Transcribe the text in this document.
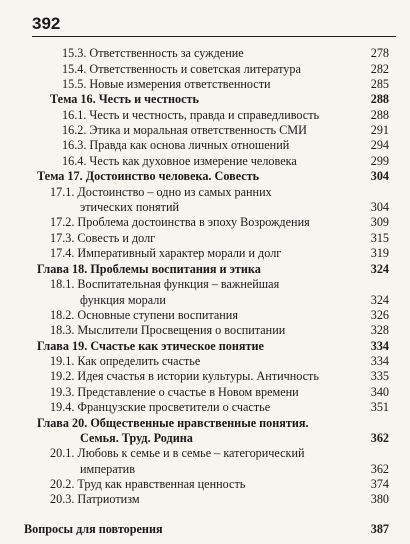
392
15.3. Ответственность за суждение	278
15.4. Ответственность и советская литература	282
15.5. Новые измерения ответственности	285
Тема 16. Честь и честность	288
16.1. Честь и честность, правда и справедливость	288
16.2. Этика и моральная ответственность СМИ	291
16.3. Правда как основа личных отношений	294
16.4. Честь как духовное измерение человека	299
Тема 17. Достоинство человека. Совесть	304
17.1. Достоинство – одно из самых ранних
этических понятий	304
17.2. Проблема достоинства в эпоху Возрождения	309
17.3. Совесть и долг	315
17.4. Императивный характер морали и долг	319
Глава 18. Проблемы воспитания и этика	324
18.1. Воспитательная функция – важнейшая
функция морали	324
18.2. Основные ступени воспитания	326
18.3. Мыслители Просвещения о воспитании	328
Глава 19. Счастье как этическое понятие	334
19.1. Как определить счастье	334
19.2. Идея счастья в истории культуры. Античность	335
19.3. Представление о счастье в Новом времени	340
19.4. Французские просветители о счастье	351
Глава 20. Общественные нравственные понятия.
Семья. Труд. Родина	362
20.1. Любовь к семье и в семье – категорический
императив	362
20.2. Труд как нравственная ценность	374
20.3. Патриотизм	380
Вопросы для повторения	387
